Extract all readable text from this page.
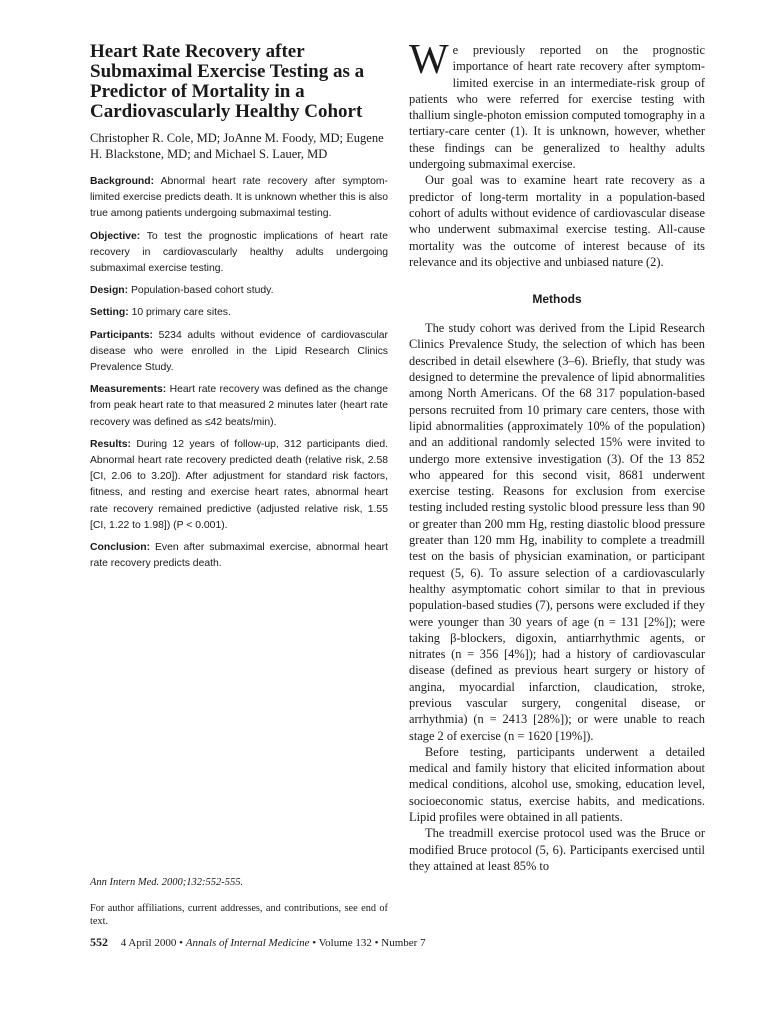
Heart Rate Recovery after Submaximal Exercise Testing as a Predictor of Mortality in a Cardiovascularly Healthy Cohort
Christopher R. Cole, MD; JoAnne M. Foody, MD; Eugene H. Blackstone, MD; and Michael S. Lauer, MD

Background: Abnormal heart rate recovery after symptom-limited exercise predicts death. It is unknown whether this is also true among patients undergoing submaximal testing.

Objective: To test the prognostic implications of heart rate recovery in cardiovascularly healthy adults undergoing submaximal exercise testing.

Design: Population-based cohort study.

Setting: 10 primary care sites.

Participants: 5234 adults without evidence of cardiovascular disease who were enrolled in the Lipid Research Clinics Prevalence Study.

Measurements: Heart rate recovery was defined as the change from peak heart rate to that measured 2 minutes later (heart rate recovery was defined as ≤42 beats/min).

Results: During 12 years of follow-up, 312 participants died. Abnormal heart rate recovery predicted death (relative risk, 2.58 [CI, 2.06 to 3.20]). After adjustment for standard risk factors, fitness, and resting and exercise heart rates, abnormal heart rate recovery remained predictive (adjusted relative risk, 1.55 [CI, 1.22 to 1.98]) (P < 0.001).

Conclusion: Even after submaximal exercise, abnormal heart rate recovery predicts death.

Ann Intern Med. 2000;132:552-555.
For author affiliations, current addresses, and contributions, see end of text.

We previously reported on the prognostic importance of heart rate recovery after symptom-limited exercise in an intermediate-risk group of patients who were referred for exercise testing with thallium single-photon emission computed tomography in a tertiary-care center (1). It is unknown, however, whether these findings can be generalized to healthy adults undergoing submaximal exercise.

Our goal was to examine heart rate recovery as a predictor of long-term mortality in a population-based cohort of adults without evidence of cardiovascular disease who underwent submaximal exercise testing. All-cause mortality was the outcome of interest because of its relevance and its objective and unbiased nature (2).

Methods

The study cohort was derived from the Lipid Research Clinics Prevalence Study, the selection of which has been described in detail elsewhere (3–6). Briefly, that study was designed to determine the prevalence of lipid abnormalities among North Americans. Of the 68 317 population-based persons recruited from 10 primary care centers, those with lipid abnormalities (approximately 10% of the population) and an additional randomly selected 15% were invited to undergo more extensive investigation (3). Of the 13 852 who appeared for this second visit, 8681 underwent exercise testing. Reasons for exclusion from exercise testing included resting systolic blood pressure less than 90 or greater than 200 mm Hg, resting diastolic blood pressure greater than 120 mm Hg, inability to complete a treadmill test on the basis of physician examination, or participant request (5, 6). To assure selection of a cardiovascularly healthy asymptomatic cohort similar to that in previous population-based studies (7), persons were excluded if they were younger than 30 years of age (n = 131 [2%]); were taking β-blockers, digoxin, antiarrhythmic agents, or nitrates (n = 356 [4%]); had a history of cardiovascular disease (defined as previous heart surgery or history of angina, myocardial infarction, claudication, stroke, previous vascular surgery, congenital disease, or arrhythmia) (n = 2413 [28%]); or were unable to reach stage 2 of exercise (n = 1620 [19%]).

Before testing, participants underwent a detailed medical and family history that elicited information about medical conditions, alcohol use, smoking, education level, socioeconomic status, exercise habits, and medications. Lipid profiles were obtained in all patients.

The treadmill exercise protocol used was the Bruce or modified Bruce protocol (5, 6). Participants exercised until they attained at least 85% to

552 4 April 2000 • Annals of Internal Medicine • Volume 132 • Number 7
